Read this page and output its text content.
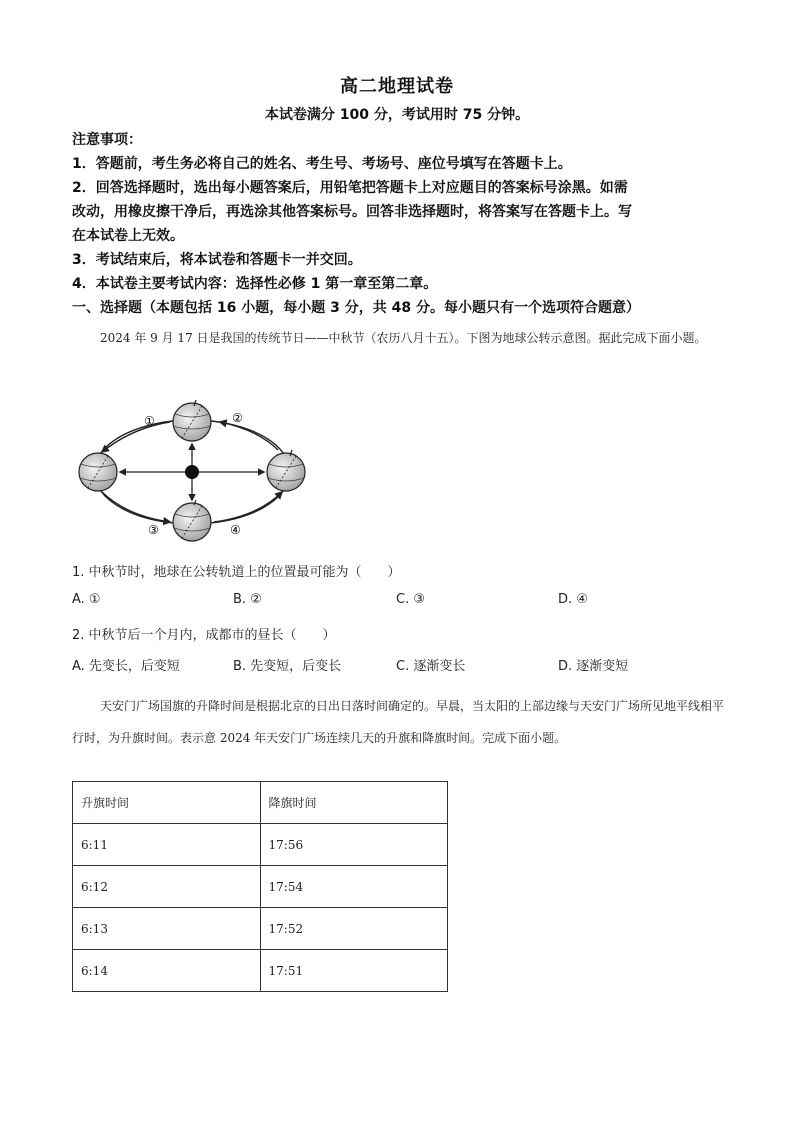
高二地理试卷
本试卷满分 100 分，考试用时 75 分钟。
注意事项：
1．答题前，考生务必将自己的姓名、考生号、考场号、座位号填写在答题卡上。
2．回答选择题时，选出每小题答案后，用铅笔把答题卡上对应题目的答案标号涂黑。如需
改动，用橡皮擦干净后，再选涂其他答案标号。回答非选择题时，将答案写在答题卡上。写
在本试卷上无效。
3．考试结束后，将本试卷和答题卡一并交回。
4．本试卷主要考试内容：选择性必修 1 第一章至第二章。
一、选择题（本题包括 16 小题，每小题 3 分，共 48 分。每小题只有一个选项符合题意）
2024 年 9 月 17 日是我国的传统节日——中秋节（农历八月十五）。下图为地球公转示意图。据此完成下面小题。
①	②
③	④
1. 中秋节时，地球在公转轨道上的位置最可能为（　　）
A. ①	B. ②	C. ③	D. ④
2. 中秋节后一个月内，成都市的昼长（　　）
A. 先变长，后变短	B. 先变短，后变长	C. 逐渐变长	D. 逐渐变短
天安门广场国旗的升降时间是根据北京的日出日落时间确定的。早晨，当太阳的上部边缘与天安门广场所见地平线相平行时，为升旗时间。表示意 2024 年天安门广场连续几天的升旗和降旗时间。完成下面小题。
升旗时间	降旗时间
6:11	17:56
6:12	17:54
6:13	17:52
6:14	17:51
